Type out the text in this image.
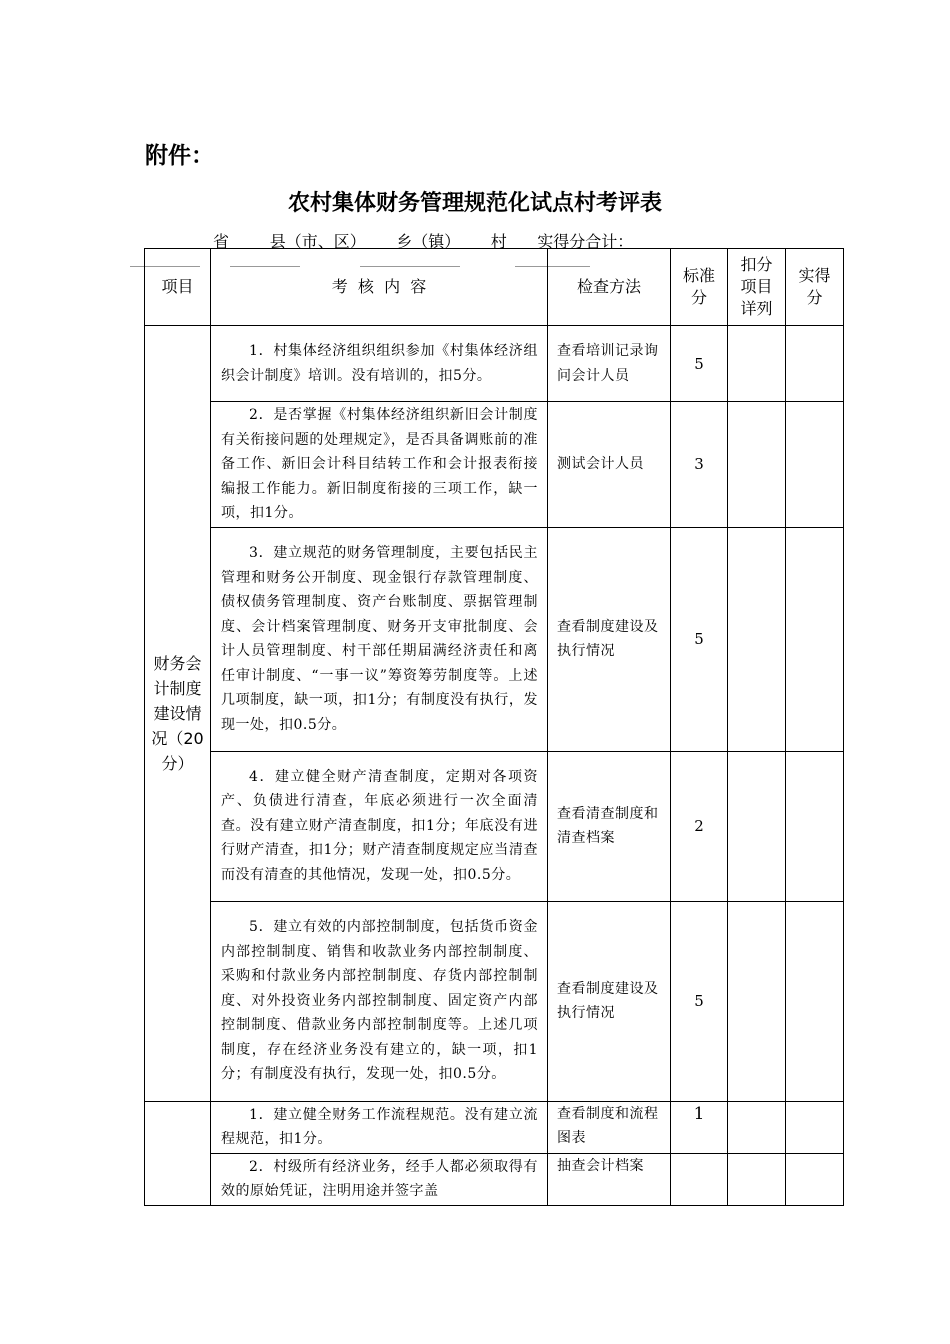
附件：
农村集体财务管理规范化试点村考评表
省        县（市、区）      乡（镇）      村      实得分合计：
项目	考  核  内  容	检查方法	标准分	扣分项目详列	实得分
财务会计制度建设情况（20分）	1．村集体经济组织组织参加《村集体经济组织会计制度》培训。没有培训的，扣5分。	查看培训记录询问会计人员	5		
	2．是否掌握《村集体经济组织新旧会计制度有关衔接问题的处理规定》，是否具备调账前的准备工作、新旧会计科目结转工作和会计报表衔接编报工作能力。新旧制度衔接的三项工作，缺一项，扣1分。	测试会计人员	3		
	3．建立规范的财务管理制度，主要包括民主管理和财务公开制度、现金银行存款管理制度、债权债务管理制度、资产台账制度、票据管理制度、会计档案管理制度、财务开支审批制度、会计人员管理制度、村干部任期届满经济责任和离任审计制度、“一事一议”筹资筹劳制度等。上述几项制度，缺一项，扣1分；有制度没有执行，发现一处，扣0.5分。	查看制度建设及执行情况	5		
	4．建立健全财产清查制度，定期对各项资产、负债进行清查，年底必须进行一次全面清查。没有建立财产清查制度，扣1分；年底没有进行财产清查，扣1分；财产清查制度规定应当清查而没有清查的其他情况，发现一处，扣0.5分。	查看清查制度和清查档案	2		
	5．建立有效的内部控制制度，包括货币资金内部控制制度、销售和收款业务内部控制制度、采购和付款业务内部控制制度、存货内部控制制度、对外投资业务内部控制制度、固定资产内部控制制度、借款业务内部控制制度等。上述几项制度，存在经济业务没有建立的，缺一项，扣1分；有制度没有执行，发现一处，扣0.5分。	查看制度建设及执行情况	5		
	1．建立健全财务工作流程规范。没有建立流程规范，扣1分。	查看制度和流程图表	1		
	2．村级所有经济业务，经手人都必须取得有效的原始凭证，注明用途并签字盖	抽查会计档案			
